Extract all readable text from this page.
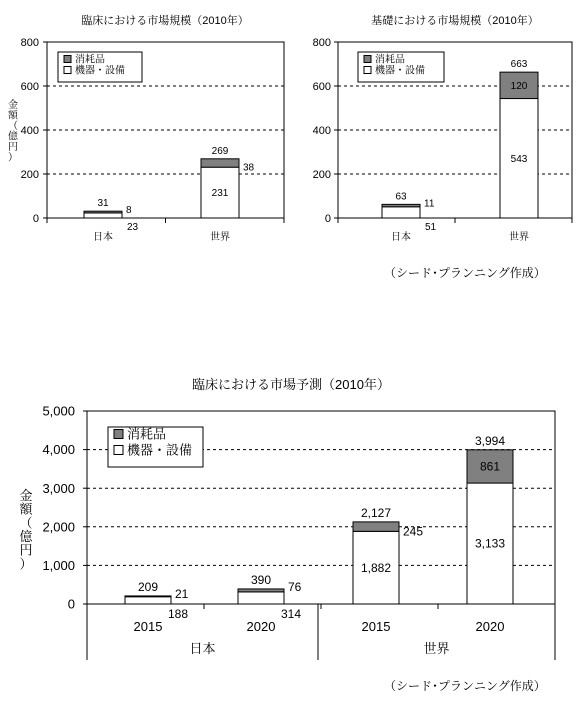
臨床における市場規模（2010年）
0
200
400
600
800
金額（億円）
日本
31
8
23
世界
269
231
38
消耗品
機器・設備
基礎における市場規模（2010年）
0
200
400
600
800
日本
63
11
51
世界
663
543
120
消耗品
機器・設備
臨床における市場予測（2010年）
0
1,000
2,000
3,000
4,000
5,000
金額（億円）
2015
209 21
188
2020
390 76
314
2015
2,127
1,882
245
2020
3,994
3,133
861
消耗品
機器・設備
日本	世界
（シード･プランニング作成）
（シード･プランニング作成）
